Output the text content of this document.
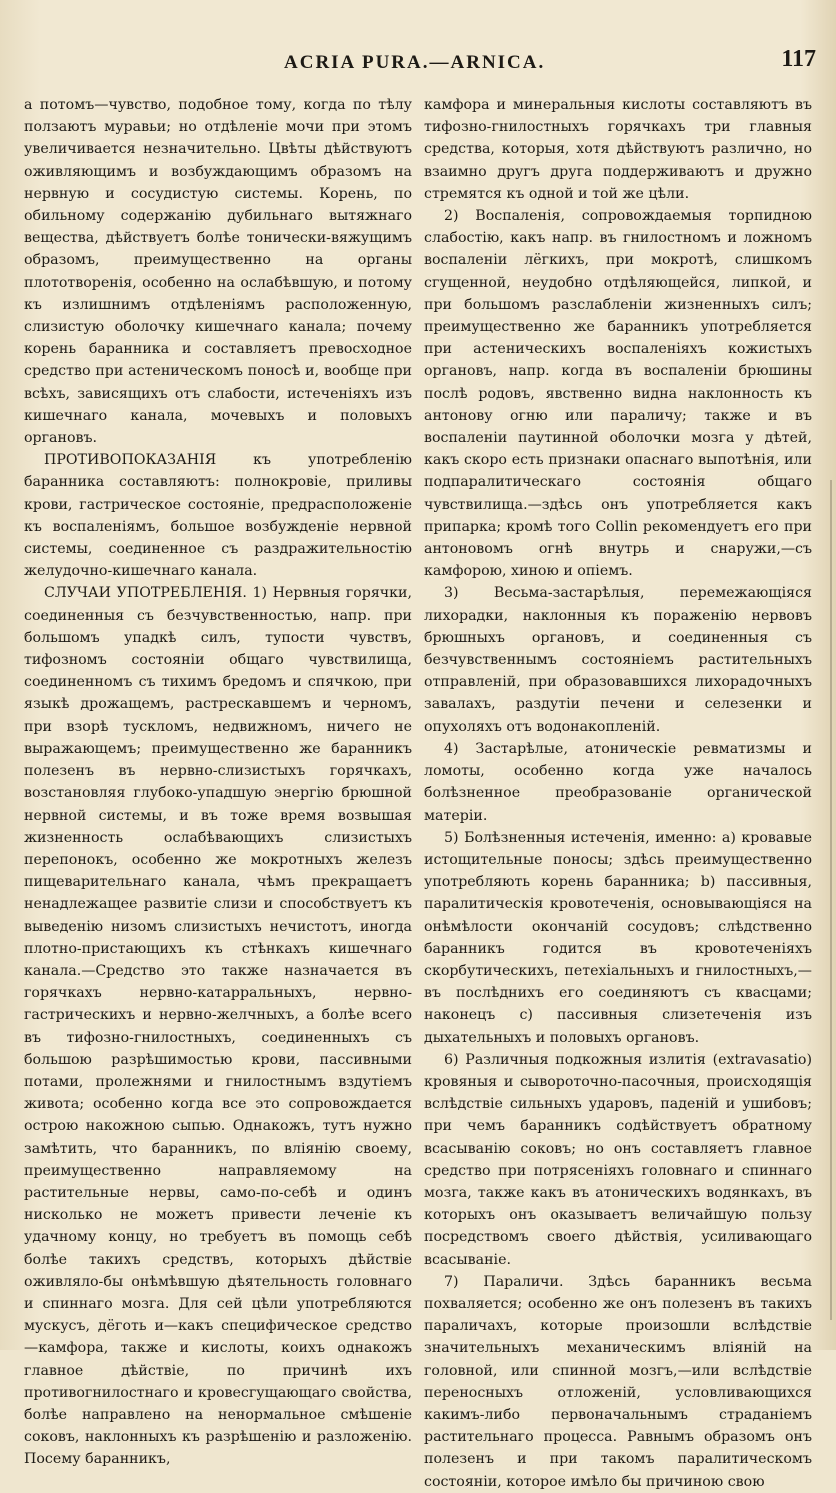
ACRIA PURA.—ARNICA.	117

а потомъ—чувство, подобное тому, когда по тѣлу ползаютъ муравьи; но отдѣленіе мочи при этомъ увеличивается незначительно. Цвѣты дѣйствуютъ оживляющимъ и возбуждающимъ образомъ на нервную и сосудистую системы. Корень, по обильному содержанію дубильнаго вытяжнаго вещества, дѣйствуетъ болѣе тонически-вяжущимъ образомъ, преимущественно на органы плототворенія, особенно на ослабѣвшую, и потому къ излишнимъ отдѣленіямъ расположенную, слизистую оболочку кишечнаго канала; почему корень баранника и составляетъ превосходное средство при астеническомъ поносѣ и, вообще при всѣхъ, зависящихъ отъ слабости, истеченіяхъ изъ кишечнаго канала, мочевыхъ и половыхъ органовъ.

ПРОТИВОПОКАЗАНІЯ къ употребленію баранника составляютъ: полнокровіе, приливы крови, гастрическое состояніе, предрасположеніе къ воспаленіямъ, большое возбужденіе нервной системы, соединенное съ раздражительностію желудочно-кишечнаго канала.

СЛУЧАИ УПОТРЕБЛЕНІЯ. 1) Нервныя горячки, соединенныя съ безчувственностью, напр. при большомъ упадкѣ силъ, тупости чувствъ, тифозномъ состояніи общаго чувствилища, соединенномъ съ тихимъ бредомъ и спячкою, при языкѣ дрожащемъ, растрескавшемъ и черномъ, при взорѣ тускломъ, недвижномъ, ничего не выражающемъ; преимущественно же баранникъ полезенъ въ нервно-слизистыхъ горячкахъ, возстановляя глубоко-упадшую энергію брюшной нервной системы, и въ тоже время возвышая жизненность ослабѣвающихъ слизистыхъ перепонокъ, особенно же мокротныхъ железъ пищеварительнаго канала, чѣмъ прекращаетъ ненадлежащее развитіе слизи и способствуетъ къ выведенію низомъ слизистыхъ нечистотъ, иногда плотно-пристающихъ къ стѣнкахъ кишечнаго канала.—Средство это также назначается въ горячкахъ нервно-катарральныхъ, нервно-гастрическихъ и нервно-желчныхъ, а болѣе всего въ тифозно-гнилостныхъ, соединенныхъ съ большою разрѣшимостью крови, пассивными потами, пролежнями и гнилостнымъ вздутіемъ живота; особенно когда все это сопровождается острою накожною сыпью. Однакожъ, тутъ нужно замѣтить, что баранникъ, по вліянію своему, преимущественно направляемому на растительные нервы, само-по-себѣ и одинъ нисколько не можетъ привести леченіе къ удачному концу, но требуетъ въ помощь себѣ болѣе такихъ средствъ, которыхъ дѣйствіе оживляло-бы онѣмѣвшую дѣятельность головнаго и спиннаго мозга. Для сей цѣли употребляются мускусъ, дёготь и—какъ специфическое средство—камфора, также и кислоты, коихъ однакожъ главное дѣйствіе, по причинѣ ихъ противогнилостнаго и кровесгущающаго свойства, болѣе направлено на ненормальное смѣшеніе соковъ, наклонныхъ къ разрѣшенію и разложенію. Посему баранникъ,

камфора и минеральныя кислоты составляютъ въ тифозно-гнилостныхъ горячкахъ три главныя средства, которыя, хотя дѣйствуютъ различно, но взаимно другъ друга поддерживаютъ и дружно стремятся къ одной и той же цѣли.

2) Воспаленія, сопровождаемыя торпидною слабостію, какъ напр. въ гнилостномъ и ложномъ воспаленіи лёгкихъ, при мокротѣ, слишкомъ сгущенной, неудобно отдѣляющейся, липкой, и при большомъ разслабленіи жизненныхъ силъ; преимущественно же баранникъ употребляется при астеническихъ воспаленіяхъ кожистыхъ органовъ, напр. когда въ воспаленіи брюшины послѣ родовъ, явственно видна наклонность къ антонову огню или параличу; также и въ воспаленіи паутинной оболочки мозга у дѣтей, какъ скоро есть признаки опаснаго выпотѣнія, или подпаралитическаго состоянія общаго чувствилища.—здѣсь онъ употребляется какъ припарка; кромѣ того Collin рекомендуетъ его при антоновомъ огнѣ внутрь и снаружи,—съ камфорою, хиною и опіемъ.

3) Весьма-застарѣлыя, перемежающіяся лихорадки, наклонныя къ пораженію нервовъ брюшныхъ органовъ, и соединенныя съ безчувственнымъ состояніемъ растительныхъ отправленій, при образовавшихся лихорадочныхъ завалахъ, раздутіи печени и селезенки и опухоляхъ отъ водонакопленій.

4) Застарѣлые, атоническіе ревматизмы и ломоты, особенно когда уже началось болѣзненное преобразованіе органической матеріи.

5) Болѣзненныя истеченія, именно: а) кровавые истощительные поносы; здѣсь преимущественно употребляють корень баранника; b) пассивныя, паралитическія кровотеченія, основывающіяся на онѣмѣлости окончаній сосудовъ; слѣдственно баранникъ годится въ кровотеченіяхъ скорбутическихъ, петехіальныхъ и гнилостныхъ,—въ послѣднихъ его соединяютъ съ квасцами; наконецъ с) пассивныя слизетеченія изъ дыхательныхъ и половыхъ органовъ.

6) Различныя подкожныя излитія (extravasatio) кровяныя и сывороточно-пасочныя, происходящія вслѣдствіе сильныхъ ударовъ, паденій и ушибовъ; при чемъ баранникъ содѣйствуетъ обратному всасыванію соковъ; но онъ составляетъ главное средство при потрясеніяхъ головнаго и спиннаго мозга, также какъ въ атоническихъ водянкахъ, въ которыхъ онъ оказываетъ величайшую пользу посредствомъ своего дѣйствія, усиливающаго всасываніе.

7) Параличи. Здѣсь баранникъ весьма похваляется; особенно же онъ полезенъ въ такихъ параличахъ, которые произошли вслѣдствіе значительныхъ механическимъ вліяній на головной, или спинной мозгъ,—или вслѣдствіе переносныхъ отложеній, условливающихся какимъ-либо первоначальнымъ страданіемъ растительнаго процесса. Равнымъ образомъ онъ полезенъ и при такомъ паралитическомъ состояніи, которое имѣло бы причиною свою
